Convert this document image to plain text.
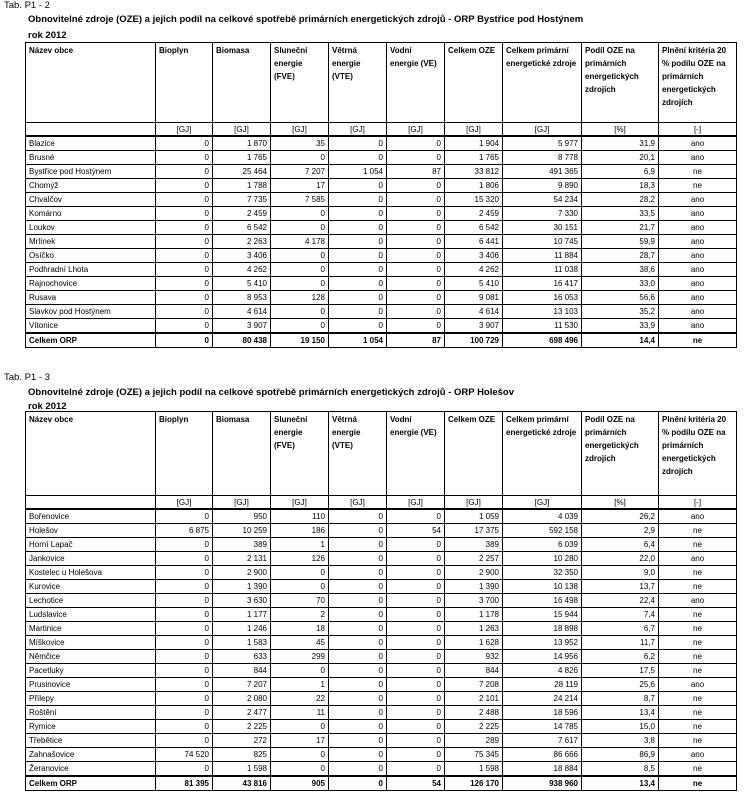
Tab. P1 - 2
Obnovitelné zdroje (OZE) a jejich podíl na celkové spotřebě primárních energetických zdrojů - ORP Bystřice pod Hostýnem
rok 2012
Název obce	Bioplyn	Biomasa	Sluneční energie (FVE)	Větrná energie (VTE)	Vodní energie (VE)	Celkem OZE	Celkem primární energetické zdroje	Podíl OZE na primárních energetických zdrojích	Plnění kritéria 20 % podílu OZE na primárních energetických zdrojích
	[GJ]	[GJ]	[GJ]	[GJ]	[GJ]	[GJ]	[GJ]	[%]	[-]
Blazice	0	1 870	35	0	0	1 904	5 977	31,9	ano
Brusné	0	1 765	0	0	0	1 765	8 778	20,1	ano
Bystřice pod Hostýnem	0	25 464	7 207	1 054	87	33 812	491 365	6,9	ne
Chomýž	0	1 788	17	0	0	1 806	9 890	18,3	ne
Chvalčov	0	7 735	7 585	0	0	15 320	54 234	28,2	ano
Komárno	0	2 459	0	0	0	2 459	7 330	33,5	ano
Loukov	0	6 542	0	0	0	6 542	30 151	21,7	ano
Mrlínek	0	2 263	4 178	0	0	6 441	10 745	59,9	ano
Osíčko	0	3 406	0	0	0	3 406	11 884	28,7	ano
Podhradní Lhota	0	4 262	0	0	0	4 262	11 038	38,6	ano
Rajnochovice	0	5 410	0	0	0	5 410	16 417	33,0	ano
Rusava	0	8 953	128	0	0	9 081	16 053	56,6	ano
Slavkov pod Hostýnem	0	4 614	0	0	0	4 614	13 103	35,2	ano
Vítonice	0	3 907	0	0	0	3 907	11 530	33,9	ano
Celkem ORP	0	80 438	19 150	1 054	87	100 729	698 496	14,4	ne
Tab. P1 - 3
Obnovitelné zdroje (OZE) a jejich podíl na celkové spotřebě primárních energetických zdrojů - ORP Holešov
rok 2012
Název obce	Bioplyn	Biomasa	Sluneční energie (FVE)	Větrná energie (VTE)	Vodní energie (VE)	Celkem OZE	Celkem primární energetické zdroje	Podíl OZE na primárních energetických zdrojích	Plnění kritéria 20 % podílu OZE na primárních energetických zdrojích
	[GJ]	[GJ]	[GJ]	[GJ]	[GJ]	[GJ]	[GJ]	[%]	[-]
Bořenovice	0	950	110	0	0	1 059	4 039	26,2	ano
Holešov	6 875	10 259	186	0	54	17 375	592 158	2,9	ne
Horní Lapač	0	389	1	0	0	389	6 039	6,4	ne
Jankovice	0	2 131	126	0	0	2 257	10 280	22,0	ano
Kostelec u Holešova	0	2 900	0	0	0	2 900	32 350	9,0	ne
Kurovice	0	1 390	0	0	0	1 390	10 138	13,7	ne
Lechotice	0	3 630	70	0	0	3 700	16 498	22,4	ano
Ludslavice	0	1 177	2	0	0	1 178	15 944	7,4	ne
Martinice	0	1 246	18	0	0	1 263	18 898	6,7	ne
Míškovice	0	1 583	45	0	0	1 628	13 952	11,7	ne
Němčice	0	633	299	0	0	932	14 956	6,2	ne
Pacetluky	0	844	0	0	0	844	4 826	17,5	ne
Prusinovice	0	7 207	1	0	0	7 208	28 119	25,6	ano
Přílepy	0	2 080	22	0	0	2 101	24 214	8,7	ne
Roštění	0	2 477	11	0	0	2 488	18 596	13,4	ne
Rymice	0	2 225	0	0	0	2 225	14 785	15,0	ne
Třebětice	0	272	17	0	0	289	7 617	3,8	ne
Zahnašovice	74 520	825	0	0	0	75 345	86 666	86,9	ano
Žeranovice	0	1 598	0	0	0	1 598	18 884	8,5	ne
Celkem ORP	81 395	43 816	905	0	54	126 170	938 960	13,4	ne
